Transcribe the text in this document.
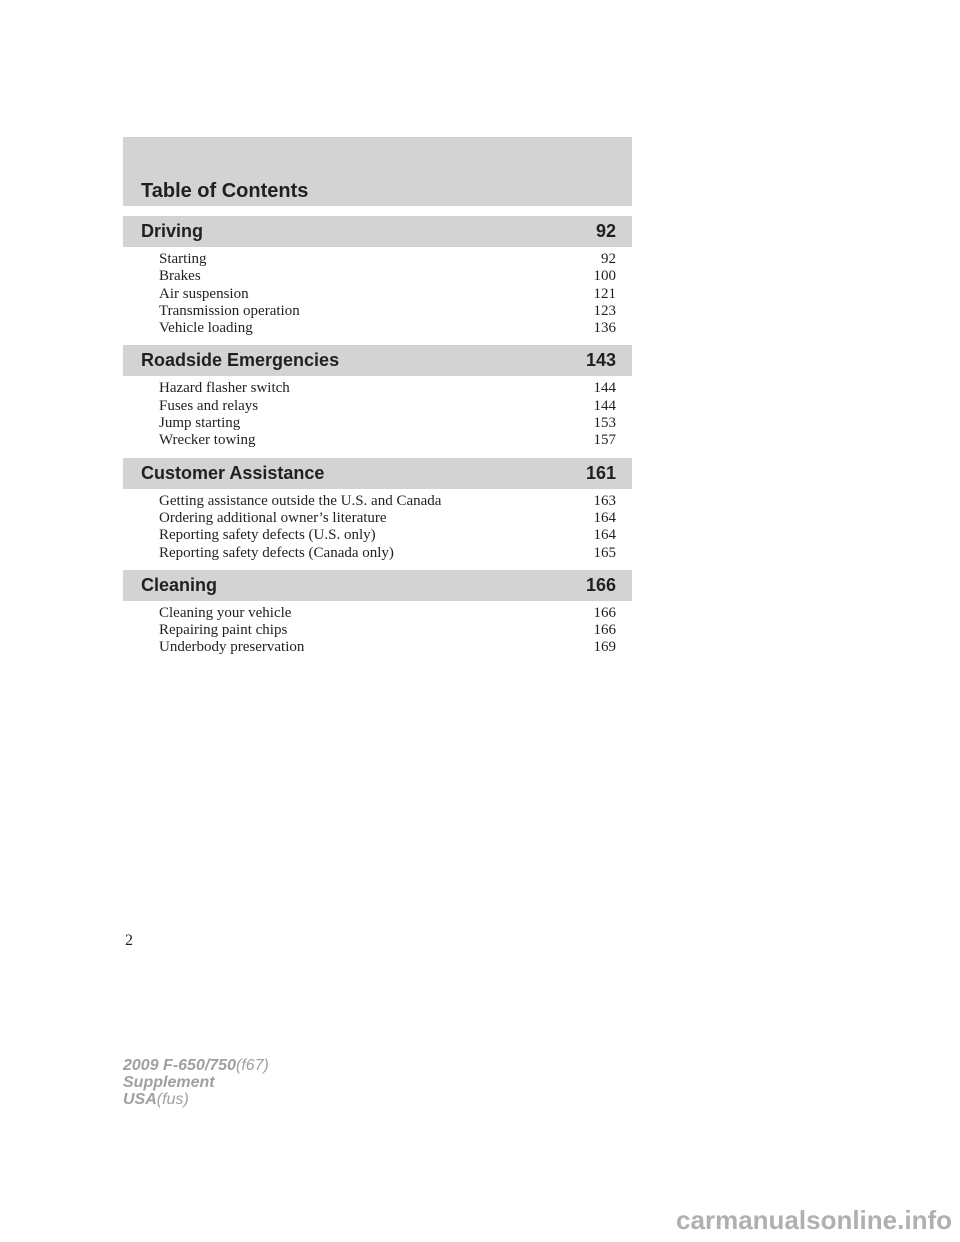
Table of Contents
Driving	92
Starting	92
Brakes	100
Air suspension	121
Transmission operation	123
Vehicle loading	136
Roadside Emergencies	143
Hazard flasher switch	144
Fuses and relays	144
Jump starting	153
Wrecker towing	157
Customer Assistance	161
Getting assistance outside the U.S. and Canada	163
Ordering additional owner’s literature	164
Reporting safety defects (U.S. only)	164
Reporting safety defects (Canada only)	165
Cleaning	166
Cleaning your vehicle	166
Repairing paint chips	166
Underbody preservation	169
2
2009 F-650/750(f67)
Supplement
USA(fus)
carmanualsonline.info
